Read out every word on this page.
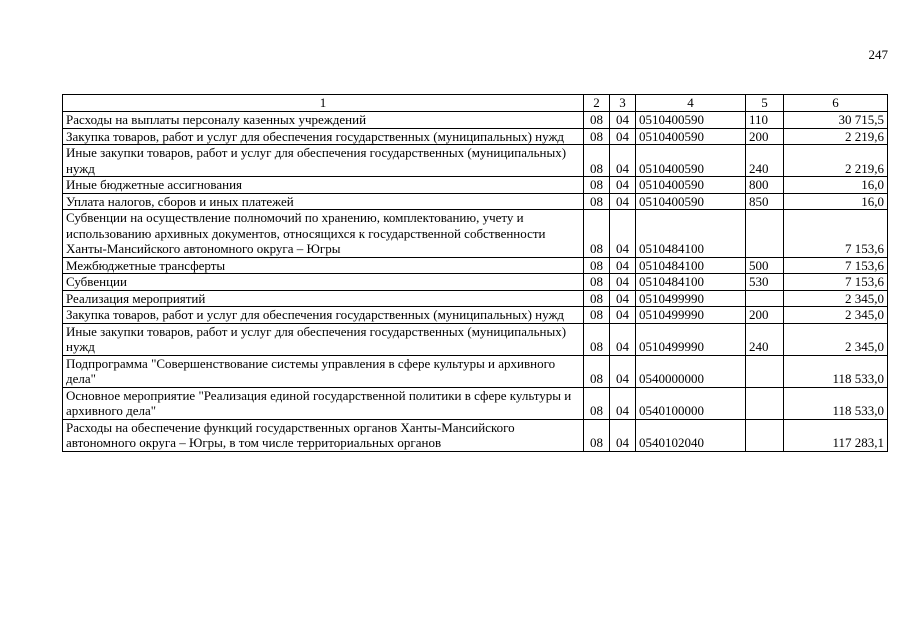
247
1	2	3	4	5	6
Расходы на выплаты персоналу казенных учреждений	08	04	0510400590	110	30 715,5
Закупка товаров, работ и услуг для обеспечения государственных (муниципальных) нужд	08	04	0510400590	200	2 219,6
Иные закупки товаров, работ и услуг для обеспечения государственных (муниципальных) нужд	08	04	0510400590	240	2 219,6
Иные бюджетные ассигнования	08	04	0510400590	800	16,0
Уплата налогов, сборов и иных платежей	08	04	0510400590	850	16,0
Субвенции на осуществление полномочий по хранению, комплектованию, учету и использованию архивных документов, относящихся к государственной собственности Ханты-Мансийского автономного округа – Югры	08	04	0510484100		7 153,6
Межбюджетные трансферты	08	04	0510484100	500	7 153,6
Субвенции	08	04	0510484100	530	7 153,6
Реализация мероприятий	08	04	0510499990		2 345,0
Закупка товаров, работ и услуг для обеспечения государственных (муниципальных) нужд	08	04	0510499990	200	2 345,0
Иные закупки товаров, работ и услуг для обеспечения государственных (муниципальных) нужд	08	04	0510499990	240	2 345,0
Подпрограмма "Совершенствование системы управления в сфере культуры и архивного дела"	08	04	0540000000		118 533,0
Основное мероприятие "Реализация единой государственной политики в сфере культуры и архивного дела"	08	04	0540100000		118 533,0
Расходы на обеспечение функций государственных органов Ханты-Мансийского автономного округа – Югры, в том числе территориальных органов	08	04	0540102040		117 283,1
